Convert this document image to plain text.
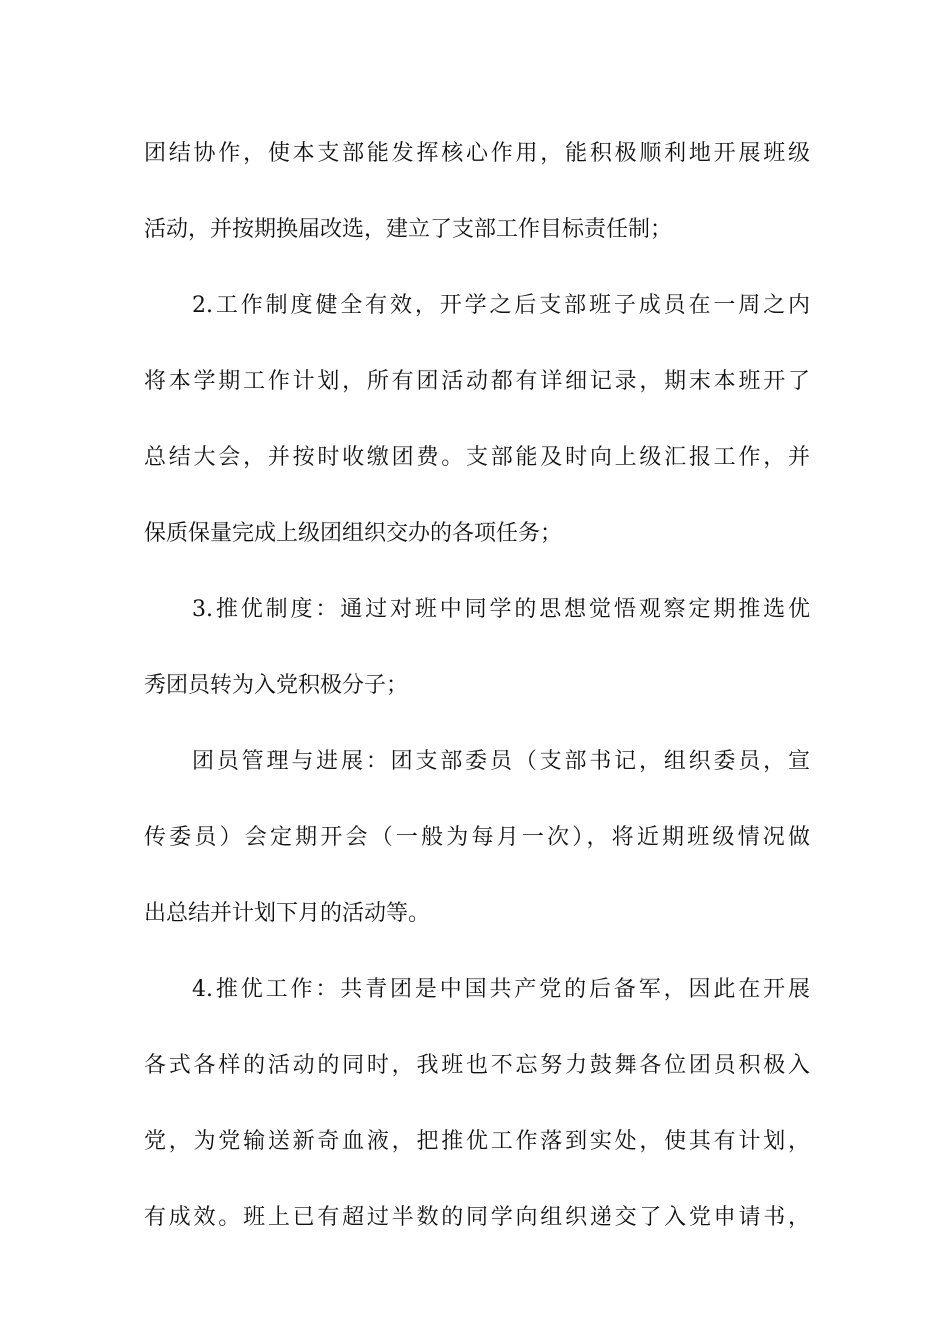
团结协作，使本支部能发挥核心作用，能积极顺利地开展班级
活动，并按期换届改选，建立了支部工作目标责任制；
2.工作制度健全有效，开学之后支部班子成员在一周之内
将本学期工作计划，所有团活动都有详细记录，期末本班开了
总结大会，并按时收缴团费。支部能及时向上级汇报工作，并
保质保量完成上级团组织交办的各项任务；
3.推优制度：通过对班中同学的思想觉悟观察定期推选优
秀团员转为入党积极分子；
团员管理与进展：团支部委员（支部书记，组织委员，宣
传委员）会定期开会（一般为每月一次），将近期班级情况做
出总结并计划下月的活动等。
4.推优工作：共青团是中国共产党的后备军，因此在开展
各式各样的活动的同时，我班也不忘努力鼓舞各位团员积极入
党，为党输送新奇血液，把推优工作落到实处，使其有计划，
有成效。班上已有超过半数的同学向组织递交了入党申请书，
